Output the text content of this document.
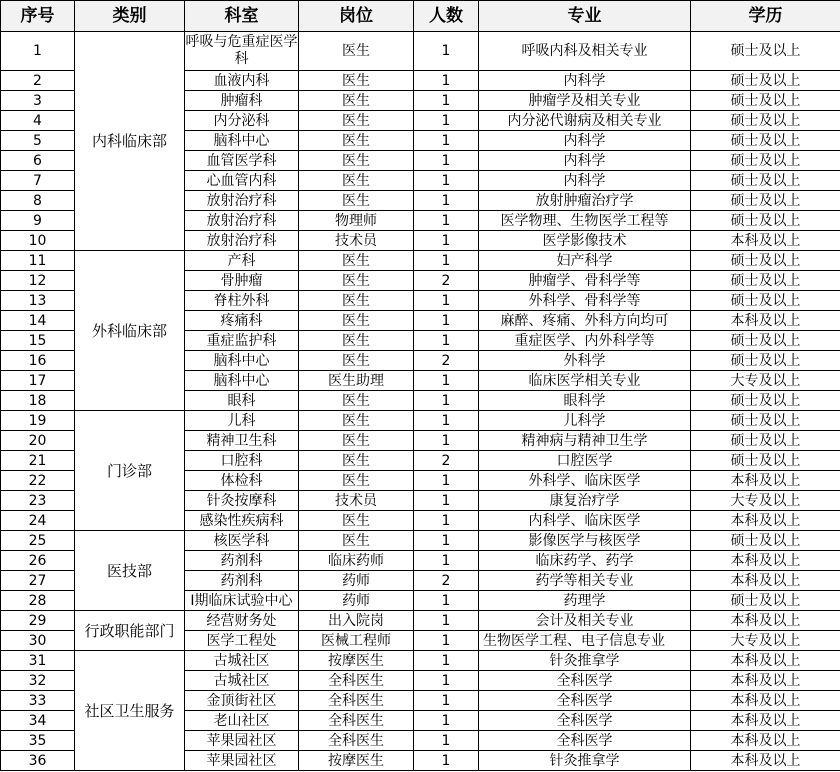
序号	类别	科室	岗位	人数	专业	学历
1	内科临床部	呼吸与危重症医学科	医生	1	呼吸内科及相关专业	硕士及以上
2		血液内科	医生	1	内科学	硕士及以上
3		肿瘤科	医生	1	肿瘤学及相关专业	硕士及以上
4		内分泌科	医生	1	内分泌代谢病及相关专业	硕士及以上
5		脑科中心	医生	1	内科学	硕士及以上
6		血管医学科	医生	1	内科学	硕士及以上
7		心血管内科	医生	1	内科学	硕士及以上
8		放射治疗科	医生	1	放射肿瘤治疗学	硕士及以上
9		放射治疗科	物理师	1	医学物理、生物医学工程等	硕士及以上
10		放射治疗科	技术员	1	医学影像技术	本科及以上
11	外科临床部	产科	医生	1	妇产科学	硕士及以上
12		骨肿瘤	医生	2	肿瘤学、骨科学等	硕士及以上
13		脊柱外科	医生	1	外科学、骨科学等	硕士及以上
14		疼痛科	医生	1	麻醉、疼痛、外科方向均可	本科及以上
15		重症监护科	医生	1	重症医学、内外科学等	硕士及以上
16		脑科中心	医生	2	外科学	硕士及以上
17		脑科中心	医生助理	1	临床医学相关专业	大专及以上
18		眼科	医生	1	眼科学	硕士及以上
19	门诊部	儿科	医生	1	儿科学	硕士及以上
20		精神卫生科	医生	1	精神病与精神卫生学	硕士及以上
21		口腔科	医生	2	口腔医学	硕士及以上
22		体检科	医生	1	外科学、临床医学	本科及以上
23		针灸按摩科	技术员	1	康复治疗学	大专及以上
24		感染性疾病科	医生	1	内科学、临床医学	本科及以上
25	医技部	核医学科	医生	1	影像医学与核医学	硕士及以上
26		药剂科	临床药师	1	临床药学、药学	本科及以上
27		药剂科	药师	2	药学等相关专业	本科及以上
28		I期临床试验中心	药师	1	药理学	硕士及以上
29	行政职能部门	经营财务处	出入院岗	1	会计及相关专业	本科及以上
30		医学工程处	医械工程师	1	生物医学工程、电子信息专业	大专及以上
31	社区卫生服务	古城社区	按摩医生	1	针灸推拿学	本科及以上
32		古城社区	全科医生	1	全科医学	本科及以上
33		金顶街社区	全科医生	1	全科医学	本科及以上
34		老山社区	全科医生	1	全科医学	本科及以上
35		苹果园社区	全科医生	1	全科医学	本科及以上
36		苹果园社区	按摩医生	1	针灸推拿学	本科及以上
